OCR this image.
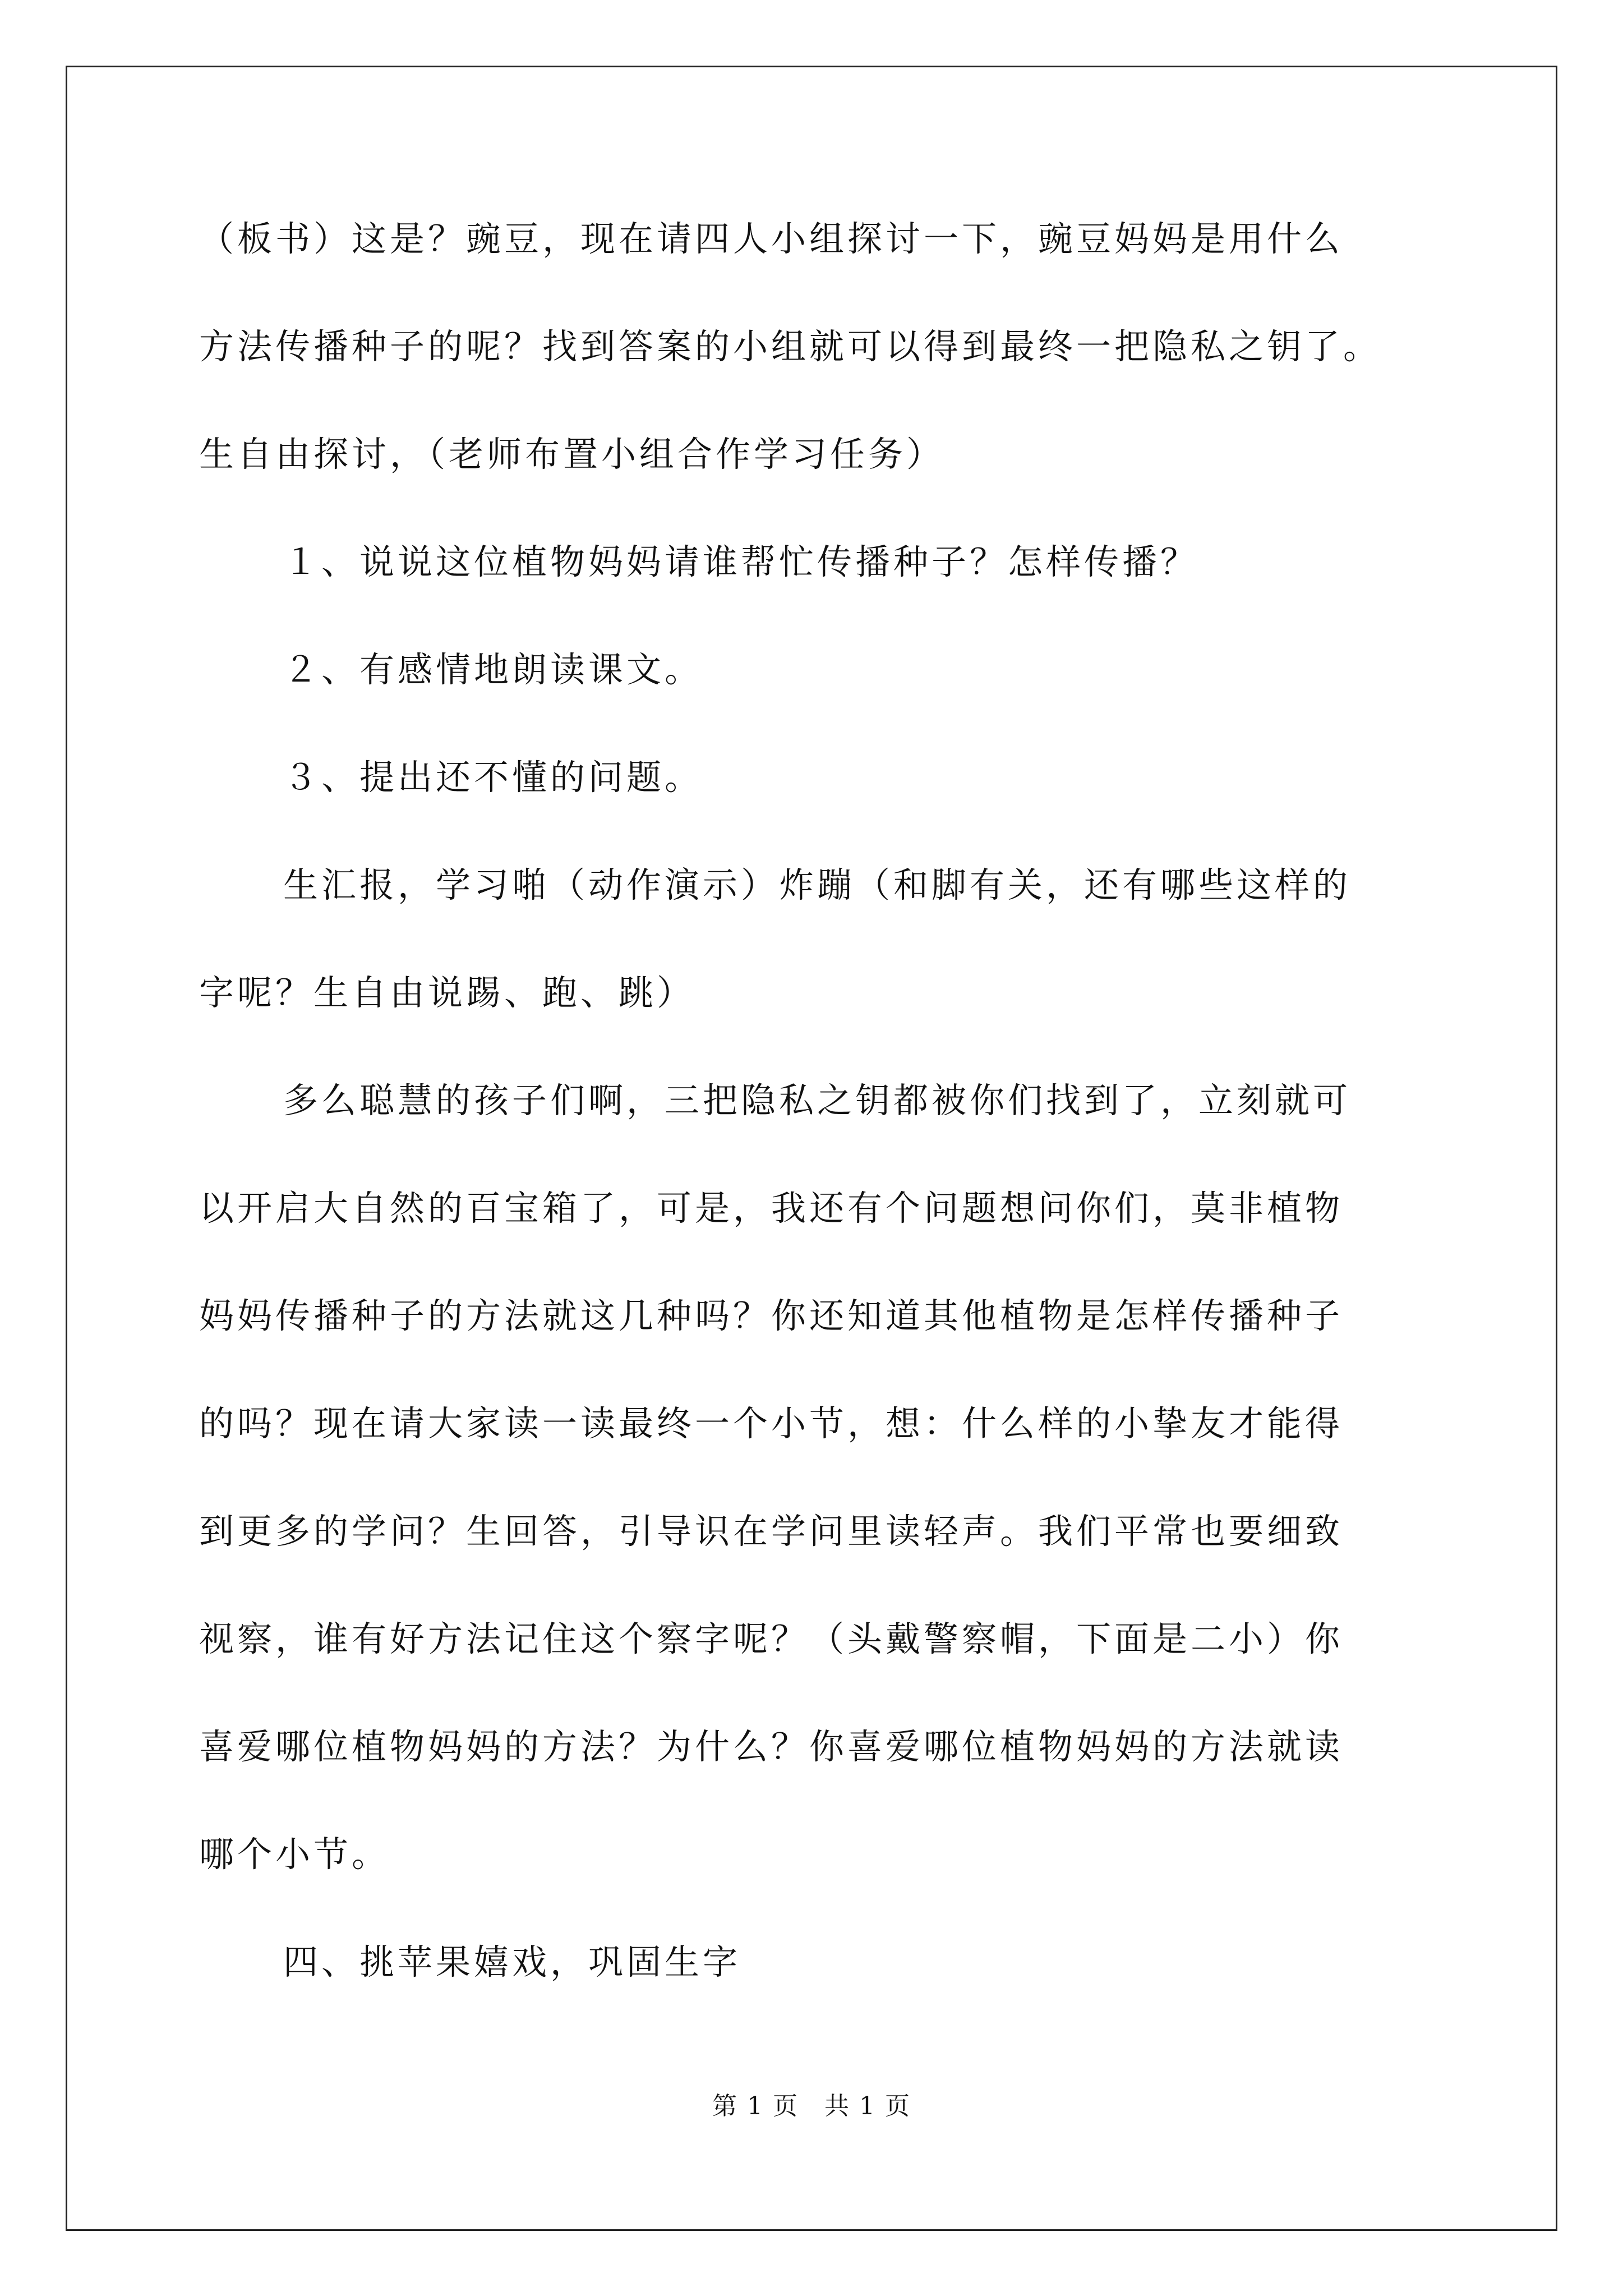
（板书）这是？豌豆，现在请四人小组探讨一下，豌豆妈妈是用什么
方法传播种子的呢？找到答案的小组就可以得到最终一把隐私之钥了。
生自由探讨，（老师布置小组合作学习任务）
１、说说这位植物妈妈请谁帮忙传播种子？怎样传播？
２、有感情地朗读课文。
３、提出还不懂的问题。
生汇报，学习啪（动作演示）炸蹦（和脚有关，还有哪些这样的
字呢？生自由说踢、跑、跳）
多么聪慧的孩子们啊，三把隐私之钥都被你们找到了，立刻就可
以开启大自然的百宝箱了，可是，我还有个问题想问你们，莫非植物
妈妈传播种子的方法就这几种吗？你还知道其他植物是怎样传播种子
的吗？现在请大家读一读最终一个小节，想：什么样的小挚友才能得
到更多的学问？生回答，引导识在学问里读轻声。我们平常也要细致
视察，谁有好方法记住这个察字呢？（头戴警察帽，下面是二小）你
喜爱哪位植物妈妈的方法？为什么？你喜爱哪位植物妈妈的方法就读
哪个小节。
四、挑苹果嬉戏，巩固生字
第 1 页　共 1 页
